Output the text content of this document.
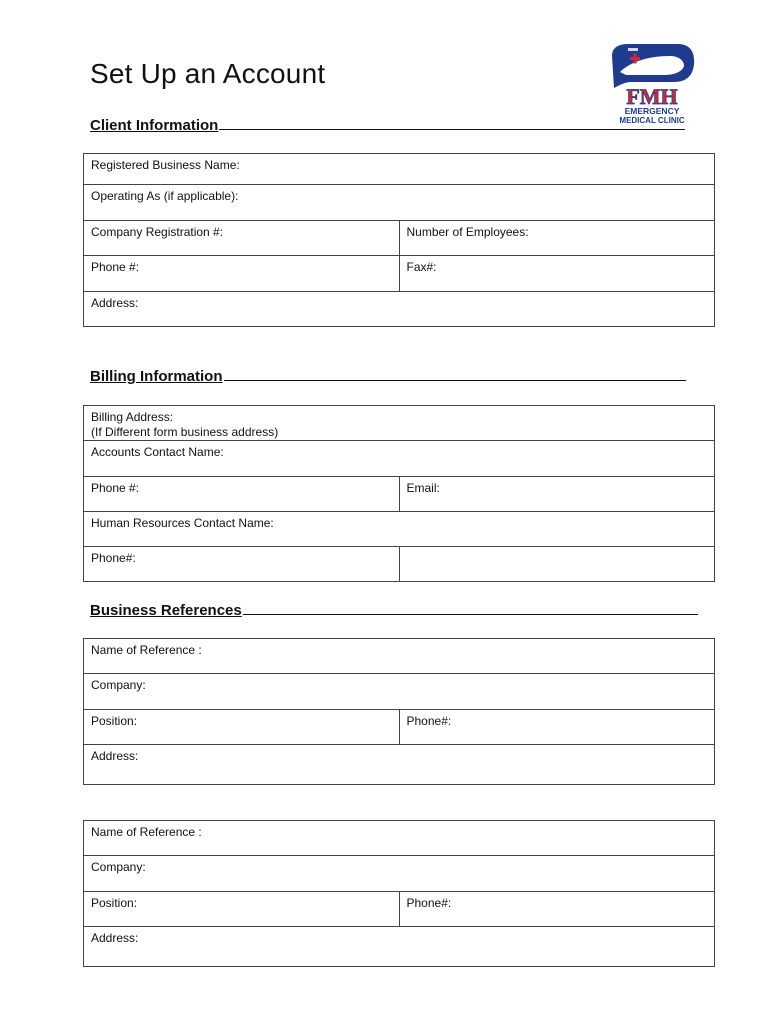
Set Up an Account
FMH
EMERGENCY
MEDICAL CLINIC
Client Information
Registered Business Name:	
Operating As (if applicable):	
Company Registration #:	Number of Employees:
Phone #:	Fax#:
Address:	
Billing Information
Billing Address:
(If Different form business address)	

Accounts Contact Name:	
Phone #:	Email:
Human Resources Contact Name:	
Phone#:	
Business References
Name of Reference :
Company:
Position:	Phone#:
Address:
Name of Reference :
Company:
Position:	Phone#:
Address:
